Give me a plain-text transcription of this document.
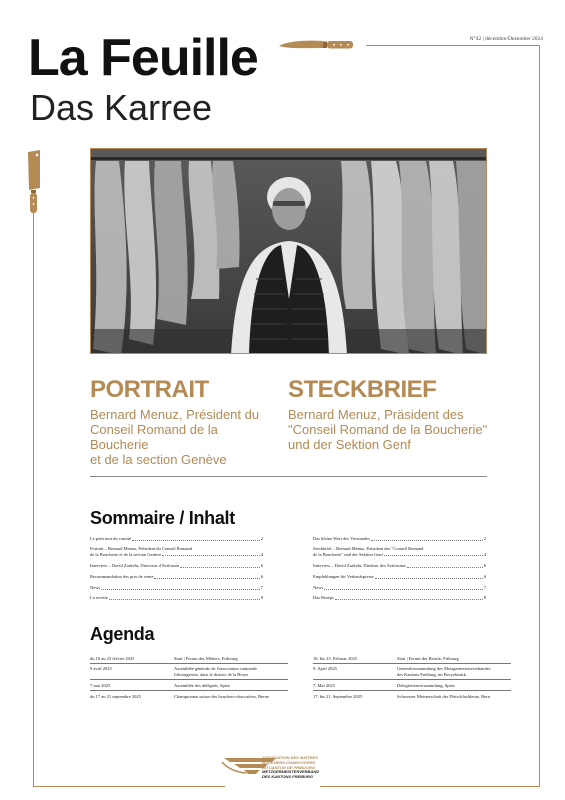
La Feuille
Das Karree
N°42 | décembre/Dezember 2024
PORTRAIT
Bernard Menuz, Président du
Conseil Romand de la Boucherie
et de la section Genève
STECKBRIEF
Bernard Menuz, Präsident des
"Conseil Romand de la Boucherie"
und der Sektion Genf
Sommaire / Inhalt
Le petit mot du comité	2
Portrait – Bernard Menuz, Président du Conseil Romand
de la Boucherie et de la section Genève	4
Interview – David Zurkehr, Directeur d'Aviforum	6
Recommandation des prix de vente	6
News	7
La recette	8
Das kleine Wort des Vorstandes	2
Steckbrief – Bernard Menuz, Präsident des "Conseil Romand
de la Boucherie" und der Sektion Genf	4
Interview – David Zurkehr, Direktor des Aviforums	6
Empfehlungen für Verkaufspreise	6
News	7
Das Rezept	8
Agenda
du 18 au 23 février 2025	Start | Forum des Métiers, Fribourg
9 avril 2025	Assemblée générale de l'association cantonale
fribourgeoise, dans le district de la Broye
7 mai 2025	Assemblée des délégués, Spiez
du 17 au 21 septembre 2025	Championnat suisse des bouchers-charcutiers, Berne
18. bis 23. Februar 2025	Start | Forum der Berufe, Fribourg
9. April 2025	Generalversammlung des Metzgermeisterverbandes
des Kantons Freiburg, im Broyebezirk
7. Mai 2025	Delegiertenversammlung, Spiez
17. bis 21. September 2025	Schweizer Meisterschaft der Fleischfachleute, Bern
ASSOCIATION DES MAÎTRES
BOUCHERS-CHARCUTIERS
DU CANTON DE FRIBOURG
METZGERMEISTERVERBAND
DES KANTONS FREIBURG
